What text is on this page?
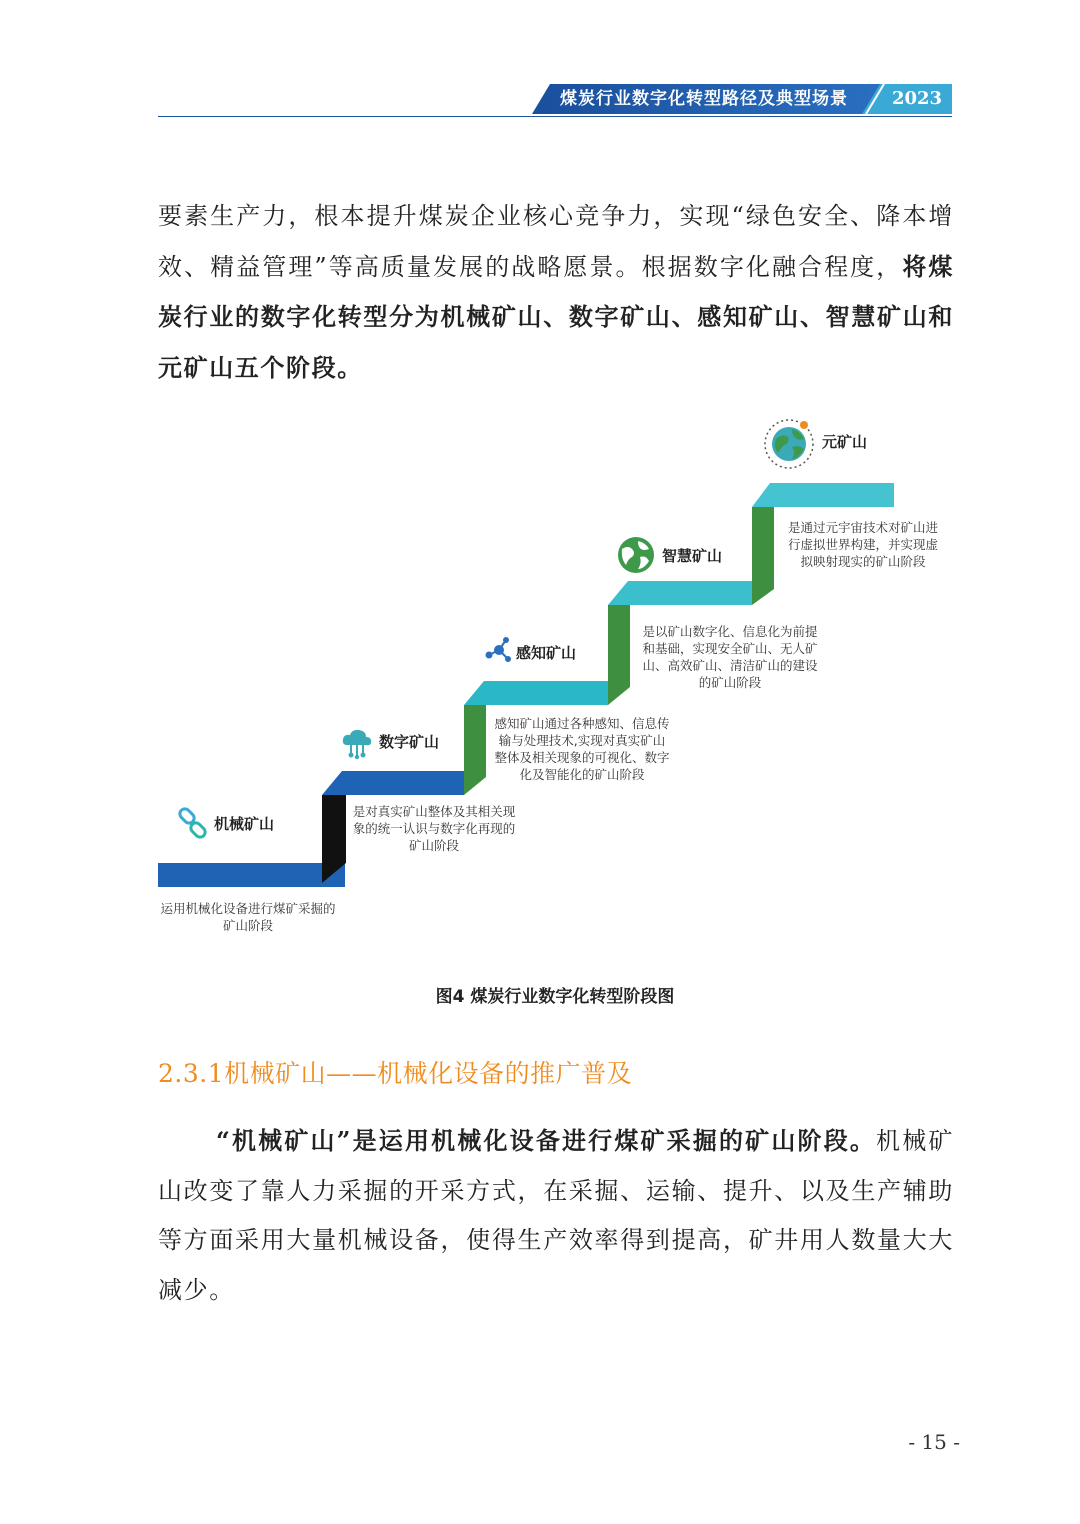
煤炭行业数字化转型路径及典型场景	2023

要素生产力，根本提升煤炭企业核心竞争力，实现“绿色安全、降本增效、精益管理”等高质量发展的战略愿景。根据数字化融合程度，将煤炭行业的数字化转型分为机械矿山、数字矿山、感知矿山、智慧矿山和元矿山五个阶段。

机械矿山
运用机械化设备进行煤矿采掘的矿山阶段
数字矿山
是对真实矿山整体及其相关现象的统一认识与数字化再现的矿山阶段
感知矿山
感知矿山通过各种感知、信息传输与处理技术,实现对真实矿山整体及相关现象的可视化、数字化及智能化的矿山阶段
智慧矿山
是以矿山数字化、信息化为前提和基础，实现安全矿山、无人矿山、高效矿山、清洁矿山的建设的矿山阶段
元矿山
是通过元宇宙技术对矿山进行虚拟世界构建，并实现虚拟映射现实的矿山阶段
图4 煤炭行业数字化转型阶段图
2.3.1机械矿山——机械化设备的推广普及

“机械矿山”是运用机械化设备进行煤矿采掘的矿山阶段。机械矿山改变了靠人力采掘的开采方式，在采掘、运输、提升、以及生产辅助等方面采用大量机械设备，使得生产效率得到提高，矿井用人数量大大减少。

- 15 -
